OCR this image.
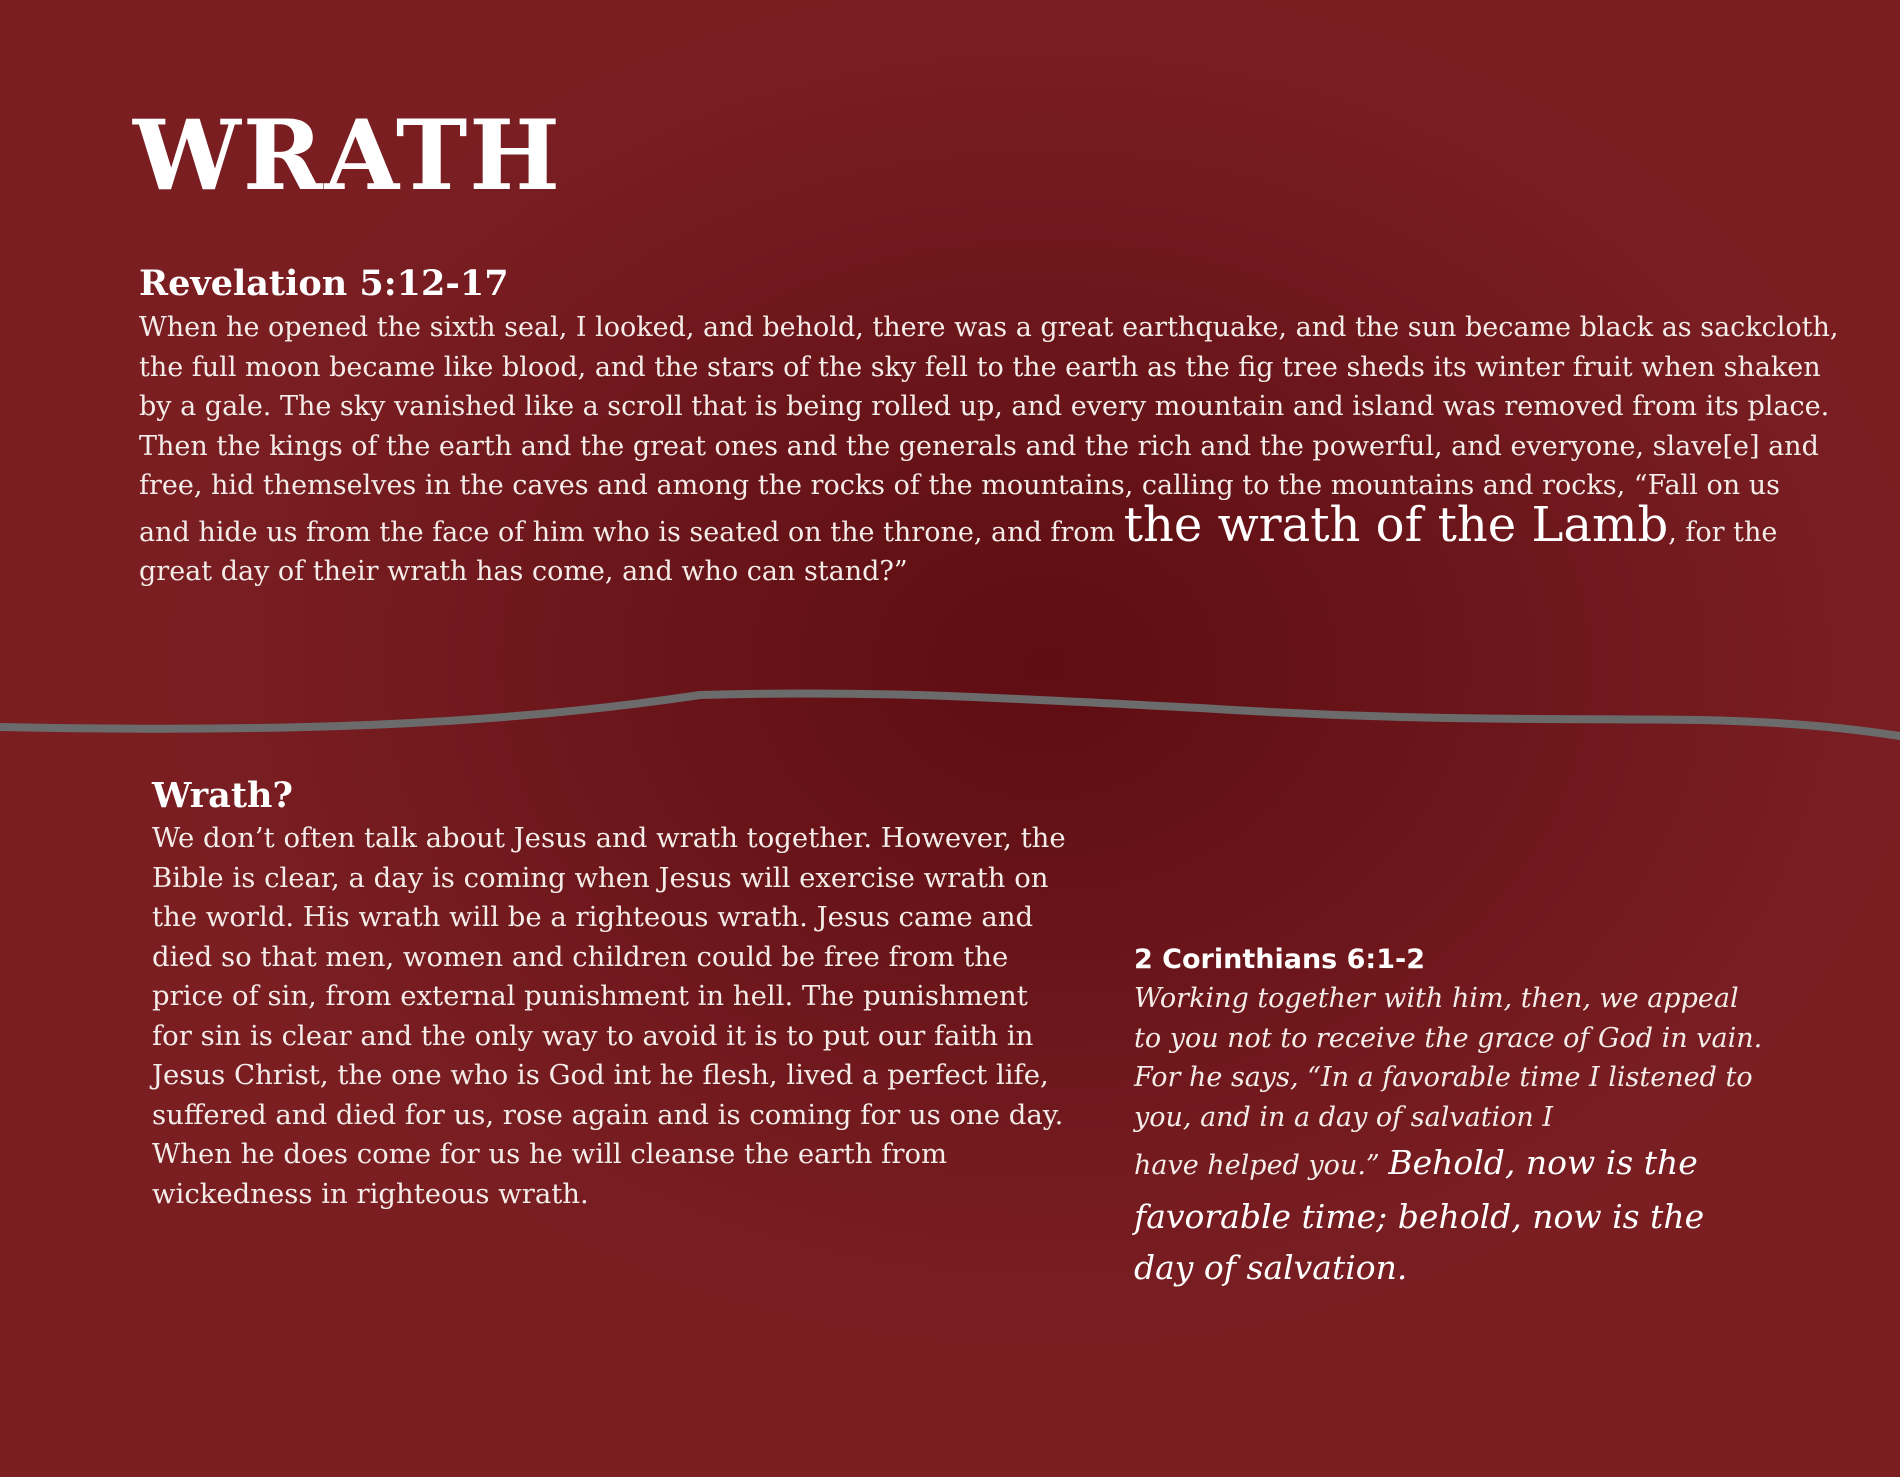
WRATH
Revelation 5:12-17

When he opened the sixth seal, I looked, and behold, there was a great earthquake, and the sun became black as sackcloth, the full moon became like blood, and the stars of the sky fell to the earth as the fig tree sheds its winter fruit when shaken by a gale. The sky vanished like a scroll that is being rolled up, and every mountain and island was removed from its place. Then the kings of the earth and the great ones and the generals and the rich and the powerful, and everyone, slave[e] and free, hid themselves in the caves and among the rocks of the mountains, calling to the mountains and rocks, “Fall on us and hide us from the face of him who is seated on the throne, and from the wrath of the Lamb, for the great day of their wrath has come, and who can stand?”

Wrath?

We don’t often talk about Jesus and wrath together. However, the Bible is clear, a day is coming when Jesus will exercise wrath on the world. His wrath will be a righteous wrath. Jesus came and died so that men, women and children could be free from the price of sin, from external punishment in hell. The punishment for sin is clear and the only way to avoid it is to put our faith in Jesus Christ, the one who is God int he flesh, lived a perfect life, suffered and died for us, rose again and is coming for us one day. When he does come for us he will cleanse the earth from wickedness in righteous wrath.

2 Corinthians 6:1-2

Working together with him, then, we appeal to you not to receive the grace of God in vain. For he says, “In a favorable time I listened to you, and in a day of salvation I

have helped you.” Behold, now is the favorable time; behold, now is the day of salvation.
